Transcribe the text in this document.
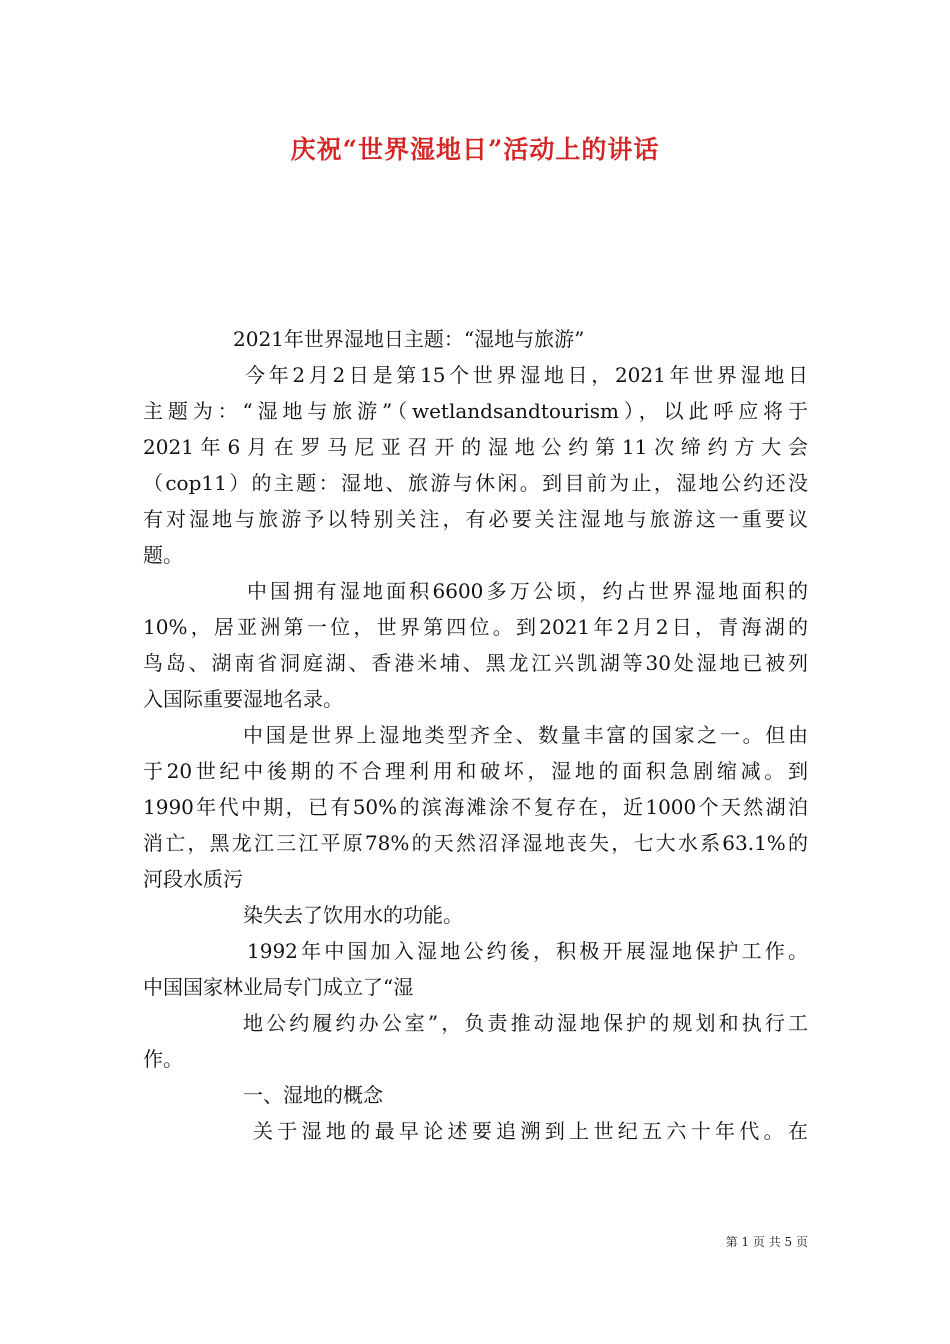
庆祝“世界湿地日”活动上的讲话
2021年世界湿地日主题：“湿地与旅游”
今年2月2日是第15个世界湿地日，2021年世界湿地日
主题为：“湿地与旅游”（wetlandsandtourism），以此呼应将于
2021年6月在罗马尼亚召开的湿地公约第11次缔约方大会
（cop11）的主题：湿地、旅游与休闲。到目前为止，湿地公约还没
有对湿地与旅游予以特别关注，有必要关注湿地与旅游这一重要议
题。
中国拥有湿地面积6600多万公顷，约占世界湿地面积的
10%，居亚洲第一位，世界第四位。到2021年2月2日，青海湖的
鸟岛、湖南省洞庭湖、香港米埔、黑龙江兴凯湖等30处湿地已被列
入国际重要湿地名录。
中国是世界上湿地类型齐全、数量丰富的国家之一。但由
于20世纪中後期的不合理利用和破坏，湿地的面积急剧缩减。到
1990年代中期，已有50%的滨海滩涂不复存在，近1000个天然湖泊
消亡，黑龙江三江平原78%的天然沼泽湿地丧失，七大水系63.1%的
河段水质污
染失去了饮用水的功能。
1992年中国加入湿地公约後，积极开展湿地保护工作。
中国国家林业局专门成立了“湿
地公约履约办公室”，负责推动湿地保护的规划和执行工
作。
一、湿地的概念
关于湿地的最早论述要追溯到上世纪五六十年代。在
第 1 页 共 5 页
